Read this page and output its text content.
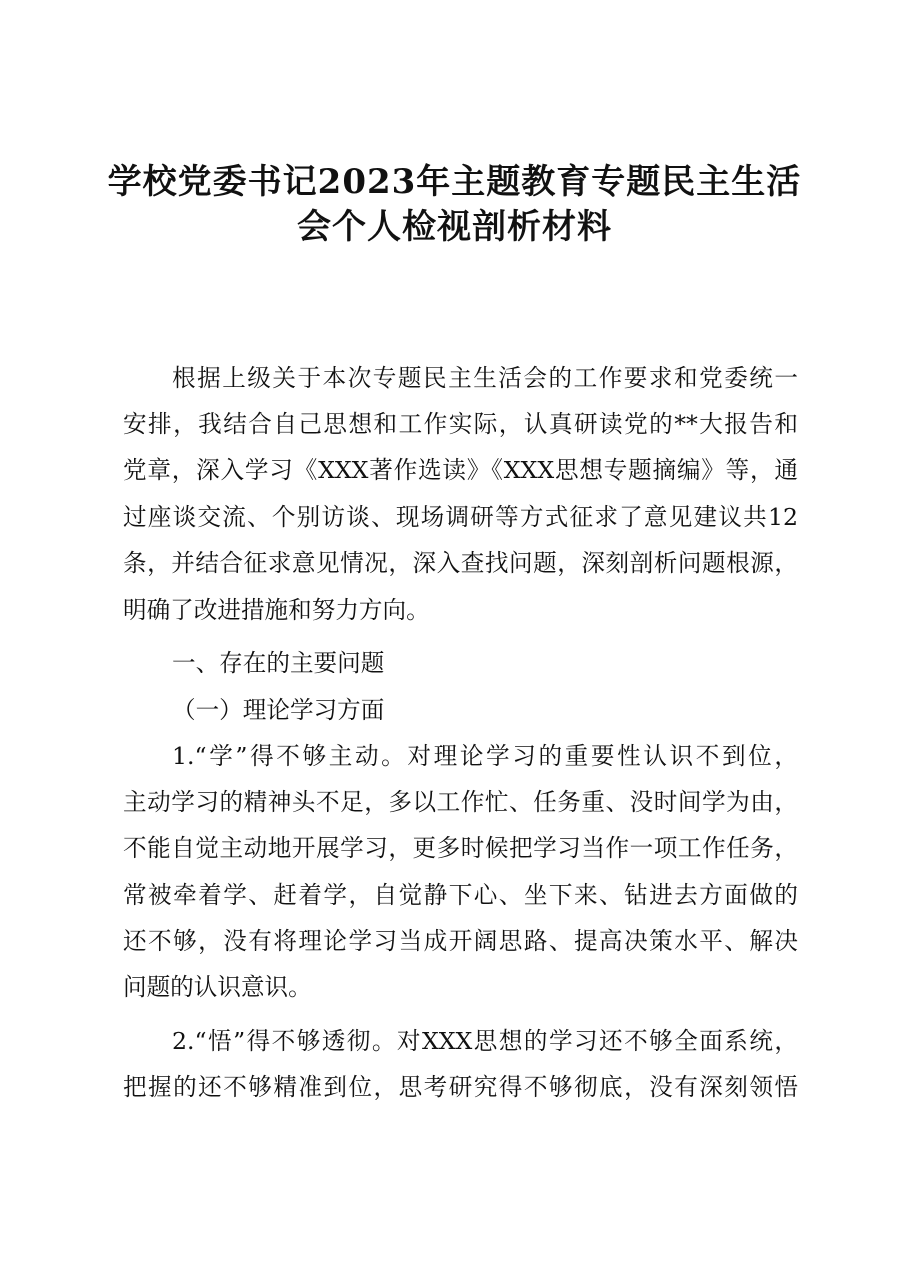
学校党委书记2023年主题教育专题民主生活
会个人检视剖析材料
根据上级关于本次专题民主生活会的工作要求和党委统一
安排，我结合自己思想和工作实际，认真研读党的**大报告和
党章，深入学习《XXX著作选读》《XXX思想专题摘编》等，通
过座谈交流、个别访谈、现场调研等方式征求了意见建议共12
条，并结合征求意见情况，深入查找问题，深刻剖析问题根源，
明确了改进措施和努力方向。
一、存在的主要问题
（一）理论学习方面
1.“学”得不够主动。对理论学习的重要性认识不到位，
主动学习的精神头不足，多以工作忙、任务重、没时间学为由，
不能自觉主动地开展学习，更多时候把学习当作一项工作任务，
常被牵着学、赶着学，自觉静下心、坐下来、钻进去方面做的
还不够，没有将理论学习当成开阔思路、提高决策水平、解决
问题的认识意识。
2.“悟”得不够透彻。对XXX思想的学习还不够全面系统，
把握的还不够精准到位，思考研究得不够彻底，没有深刻领悟
